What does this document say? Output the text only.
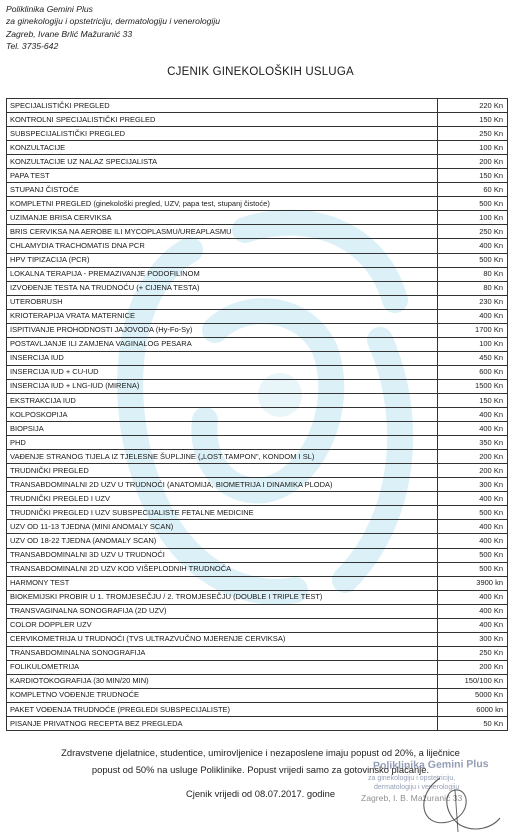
Poliklinika Gemini Plus
za ginekologiju i opstetriciju, dermatologiju i venerologiju
Zagreb, Ivane Brlić Mažuranić 33
Tel. 3735-642
CJENIK GINEKOLOŠKIH USLUGA
SPECIJALISTIČKI PREGLED	220 Kn
KONTROLNI SPECIJALISTIČKI PREGLED	150 Kn
SUBSPECIJALISTIČKI PREGLED	250 Kn
KONZULTACIJE	100 Kn
KONZULTACIJE UZ NALAZ SPECIJALISTA	200 Kn
PAPA TEST	150 Kn
STUPANJ ČISTOĆE	60 Kn
KOMPLETNI PREGLED (ginekološki pregled, UZV, papa test, stupanj čistoće)	500 Kn
UZIMANJE BRISA CERVIKSA	100 Kn
BRIS CERVIKSA NA AEROBE ILI MYCOPLASMU/UREAPLASMU	250 Kn
CHLAMYDIA TRACHOMATIS DNA PCR	400 Kn
HPV TIPIZACIJA (PCR)	500 Kn
LOKALNA TERAPIJA - PREMAZIVANJE PODOFILINOM	80 Kn
IZVOĐENJE TESTA NA TRUDNOĆU (+ CIJENA TESTA)	80 Kn
UTEROBRUSH	230 Kn
KRIOTERAPIJA VRATA MATERNICE	400 Kn
ISPITIVANJE PROHODNOSTI JAJOVODA (Hy-Fo-Sy)	1700 Kn
POSTAVLJANJE ILI ZAMJENA VAGINALOG PESARA	100 Kn
INSERCIJA IUD	450 Kn
INSERCIJA IUD + CU-IUD	600 Kn
INSERCIJA IUD + LNG-IUD (MIRENA)	1500 Kn
EKSTRAKCIJA IUD	150 Kn
KOLPOSKOPIJA	400 Kn
BIOPSIJA	400 Kn
PHD	350 Kn
VAĐENJE STRANOG TIJELA IZ TJELESNE ŠUPLJINE („LOST TAMPON", KONDOM I SL)	200 Kn
TRUDNIČKI PREGLED	200 Kn
TRANSABDOMINALNI 2D UZV U TRUDNOĆI (ANATOMIJA, BIOMETRIJA I DINAMIKA PLODA)	300 Kn
TRUDNIČKI PREGLED I UZV	400 Kn
TRUDNIČKI PREGLED I UZV SUBSPECIJALISTE FETALNE MEDICINE	500 Kn
UZV OD 11-13 TJEDNA (MINI ANOMALY SCAN)	400 Kn
UZV OD 18-22 TJEDNA (ANOMALY SCAN)	400 Kn
TRANSABDOMINALNI 3D UZV U TRUDNOĆI	500 Kn
TRANSABDOMINALNI 2D UZV KOD VIŠEPLODNIH TRUDNOĆA	500 Kn
HARMONY TEST	3900 kn
BIOKEMIJSKI PROBIR U 1. TROMJESEČJU / 2. TROMJESEČJU (DOUBLE I TRIPLE TEST)	400 Kn
TRANSVAGINALNA SONOGRAFIJA (2D UZV)	400 Kn
COLOR DOPPLER UZV	400 Kn
CERVIKOMETRIJA U TRUDNOĆI (TVS ULTRAZVUČNO MJERENJE CERVIKSA)	300 Kn
TRANSABDOMINALNA SONOGRAFIJA	250 Kn
FOLIKULOMETRIJA	200 Kn
KARDIOTOKOGRAFIJA (30 MIN/20 MIN)	150/100 Kn
KOMPLETNO VOĐENJE TRUDNOĆE	5000 Kn
PAKET VOĐENJA TRUDNOĆE (PREGLEDI SUBSPECIJALISTE)	6000 kn
PISANJE PRIVATNOG RECEPTA BEZ PREGLEDA	50 Kn
Zdravstvene djelatnice, studentice, umirovljenice i nezaposlene imaju popust od 20%, a liječnice
popust od 50% na usluge Poliklinike. Popust vrijedi samo za gotovinsko plaćanje.
Cjenik vrijedi od 08.07.2017. godine
Poliklinika Gemini Plus
za ginekologiju i opstetriciju,
dermatologiju i venerologiju
Zagreb, I. B. Mažuranić 33
